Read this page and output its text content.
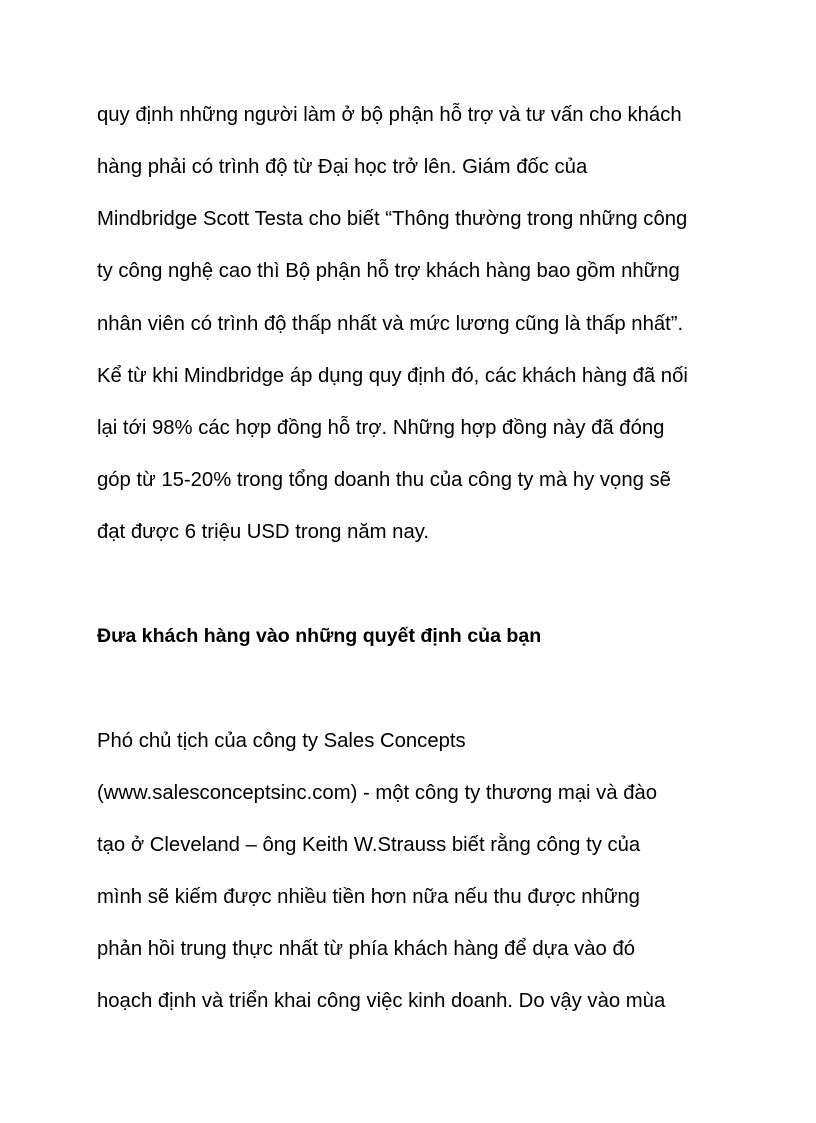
quy định những người làm ở bộ phận hỗ trợ và tư vấn cho khách
hàng phải có trình độ từ Đại học trở lên. Giám đốc của
Mindbridge Scott Testa cho biết “Thông thường trong những công
ty công nghệ cao thì Bộ phận hỗ trợ khách hàng bao gồm những
nhân viên có trình độ thấp nhất và mức lương cũng là thấp nhất”.
Kể từ khi Mindbridge áp dụng quy định đó, các khách hàng đã nối
lại tới 98% các hợp đồng hỗ trợ. Những hợp đồng này đã đóng
góp từ 15-20% trong tổng doanh thu của công ty mà hy vọng sẽ
đạt được 6 triệu USD trong năm nay.
Đưa khách hàng vào những quyết định của bạn
Phó chủ tịch của công ty Sales Concepts
(www.salesconceptsinc.com) - một công ty thương mại và đào
tạo ở Cleveland – ông Keith W.Strauss biết rằng công ty của
mình sẽ kiếm được nhiều tiền hơn nữa nếu thu được những
phản hồi trung thực nhất từ phía khách hàng để dựa vào đó
hoạch định và triển khai công việc kinh doanh. Do vậy vào mùa
